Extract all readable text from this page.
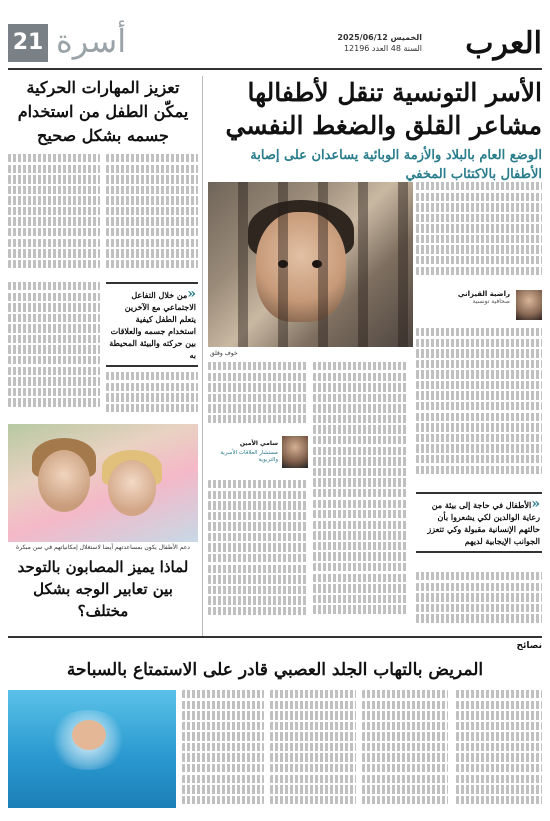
العرب
الخميس 2025/06/12
السنة 48 العدد 12196
أسرة
21
الأسر التونسية تنقل لأطفالها مشاعر القلق والضغط النفسي
الوضع العام بالبلاد والأزمة الوبائية يساعدان على إصابة الأطفال بالاكتئاب المخفي
خوف وقلق
راضية القيزاني
صحافية تونسية
«الأطفال في حاجة إلى بيئة من رعاية الوالدين لكي يشعروا بأن حالتهم الإنسانية مقبولة وكي تتعزز الجوانب الإيجابية لديهم
سامي الأمين
مستشار العلاقات الأسرية والتربوية
تعزيز المهارات الحركية يمكّن الطفل من استخدام جسمه بشكل صحيح
«من خلال التفاعل الاجتماعي مع الآخرين يتعلم الطفل كيفية استخدام جسمه والعلاقات بين حركته والبيئة المحيطة به
دعم الأطفال يكون بمساعدتهم أيضا لاستغلال إمكانياتهم في سن مبكرة
لماذا يميز المصابون بالتوحد بين تعابير الوجه بشكل مختلف؟
نصائح
المريض بالتهاب الجلد العصبي قادر على الاستمتاع بالسباحة
